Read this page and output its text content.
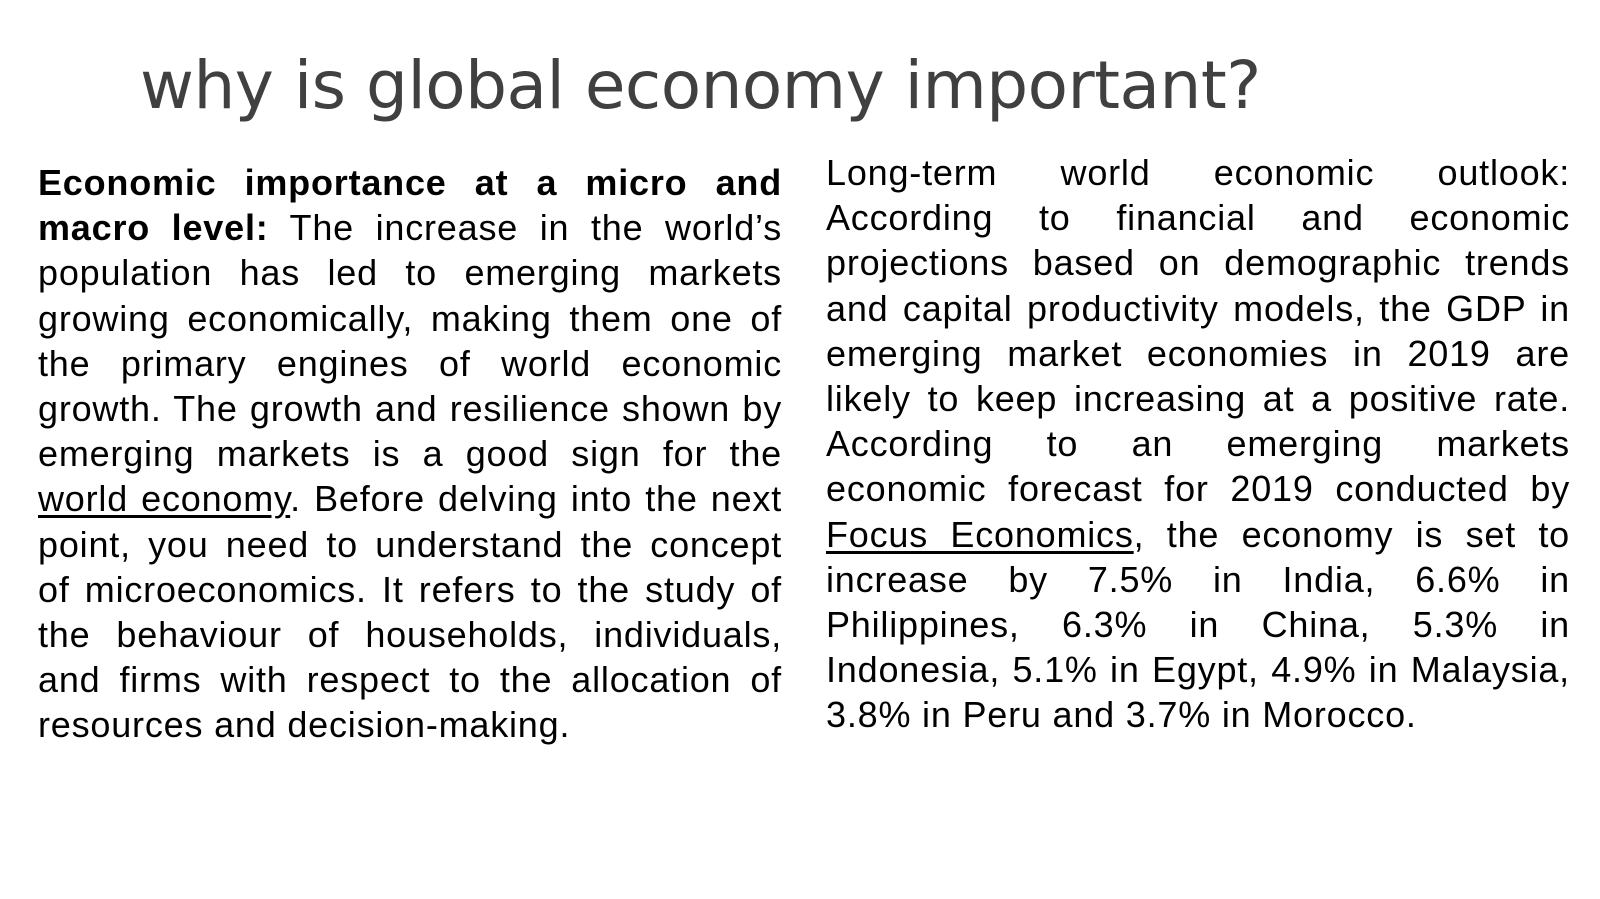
why is global economy important?

Economic importance at a micro and macro level: The increase in the world’s population has led to emerging markets growing economically, making them one of the primary engines of world economic growth. The growth and resilience shown by emerging markets is a good sign for the world economy. Before delving into the next point, you need to understand the concept of microeconomics. It refers to the study of the behaviour of households, individuals, and firms with respect to the allocation of resources and decision-making.

Long-term world economic outlook: According to financial and economic projections based on demographic trends and capital productivity models, the GDP in emerging market economies in 2019 are likely to keep increasing at a positive rate. According to an emerging markets economic forecast for 2019 conducted by Focus Economics, the economy is set to increase by 7.5% in India, 6.6% in Philippines, 6.3% in China, 5.3% in Indonesia, 5.1% in Egypt, 4.9% in Malaysia, 3.8% in Peru and 3.7% in Morocco.
